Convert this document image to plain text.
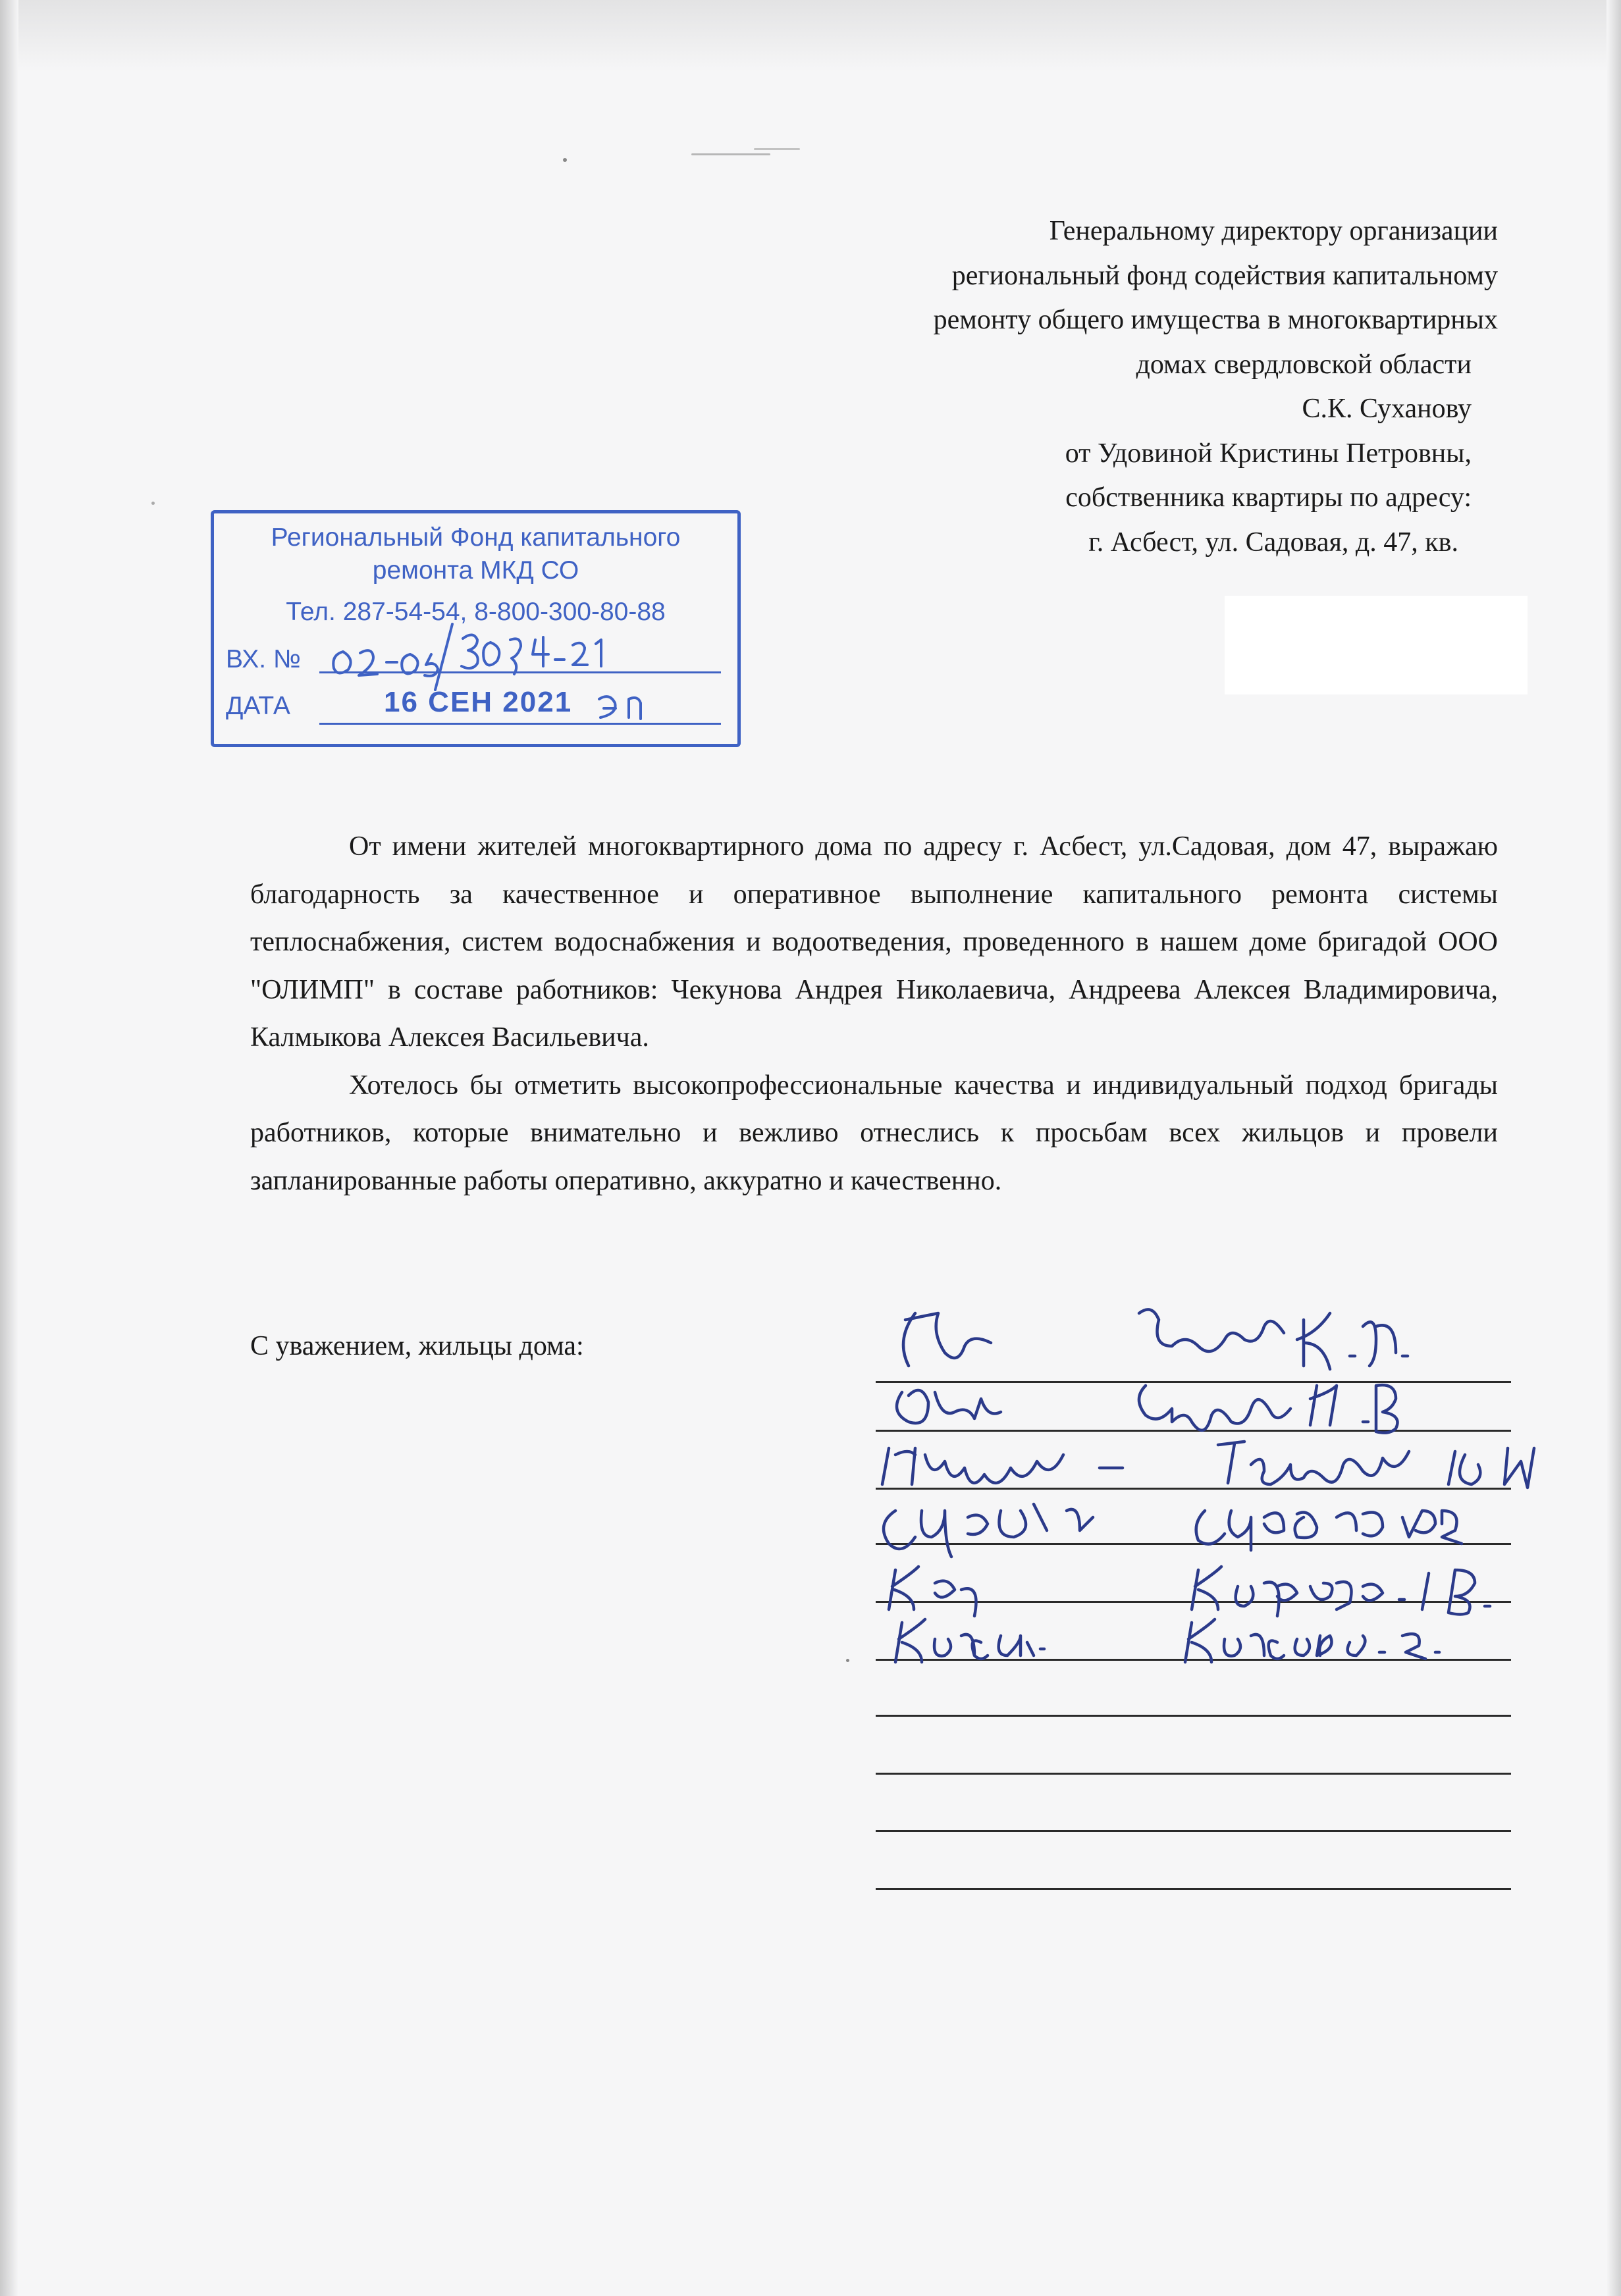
Генеральному директору организации
региональный фонд содействия капитальному
ремонту общего имущества в многоквартирных
домах свердловской области
С.К. Суханову
от Удовиной Кристины Петровны,
собственника квартиры по адресу:
г. Асбест, ул. Садовая, д. 47, кв.
Региональный Фонд капитального
ремонта МКД СО
Тел. 287-54-54, 8-800-300-80-88
ВХ. №
ДАТА	16 СЕН 2021

От имени жителей многоквартирного дома по адресу г. Асбест, ул.Садовая, дом 47, выражаю благодарность за качественное и оперативное выполнение капитального ремонта системы теплоснабжения, систем водоснабжения и водоотведения, проведенного в нашем доме бригадой ООО "ОЛИМП" в составе работников: Чекунова Андрея Николаевича, Андреева Алексея Владимировича, Калмыкова Алексея Васильевича.

Хотелось бы отметить высокопрофессиональные качества и индивидуальный подход бригады работников, которые внимательно и вежливо отнеслись к просьбам всех жильцов и провели запланированные работы оперативно, аккуратно и качественно.

С уважением, жильцы дома:
